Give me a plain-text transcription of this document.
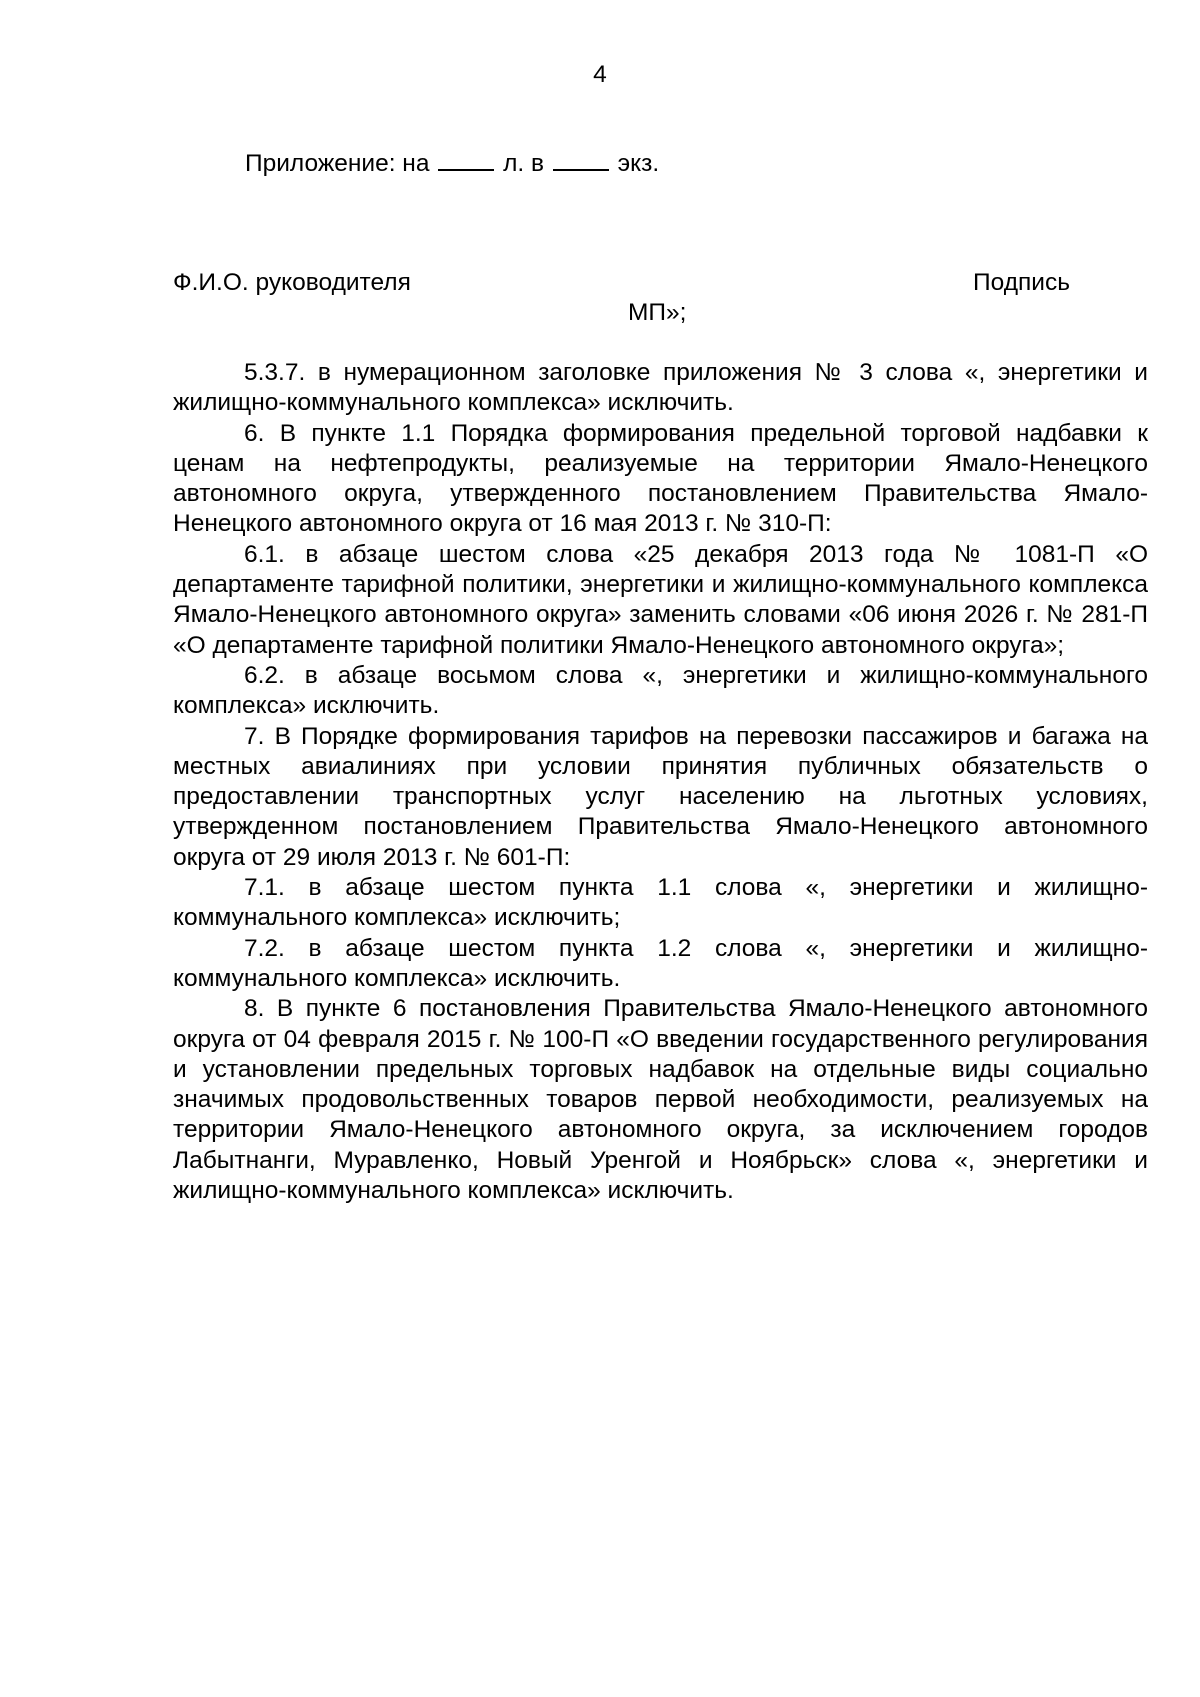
4
Приложение: на	л. в	экз.
Ф.И.О. руководителя	Подпись
МП»;

5.3.7. в нумерационном заголовке приложения № 3 слова «, энергетики и жилищно-коммунального комплекса» исключить.

6. В пункте 1.1 Порядка формирования предельной торговой надбавки к ценам на нефтепродукты, реализуемые на территории Ямало-Ненецкого автономного округа, утвержденного постановлением Правительства Ямало-Ненецкого автономного округа от 16 мая 2013 г. № 310-П:

6.1. в абзаце шестом слова «25 декабря 2013 года № 1081-П «О департаменте тарифной политики, энергетики и жилищно-коммунального комплекса Ямало-Ненецкого автономного округа» заменить словами «06 июня 2026 г. № 281-П «О департаменте тарифной политики Ямало-Ненецкого автономного округа»;

6.2. в абзаце восьмом слова «, энергетики и жилищно-коммунального комплекса» исключить.

7. В Порядке формирования тарифов на перевозки пассажиров и багажа на местных авиалиниях при условии принятия публичных обязательств о предоставлении транспортных услуг населению на льготных условиях, утвержденном постановлением Правительства Ямало-Ненецкого автономного округа от 29 июля 2013 г. № 601-П:

7.1. в абзаце шестом пункта 1.1 слова «, энергетики и жилищно-коммунального комплекса» исключить;

7.2. в абзаце шестом пункта 1.2 слова «, энергетики и жилищно-коммунального комплекса» исключить.

8. В пункте 6 постановления Правительства Ямало-Ненецкого автономного округа от 04 февраля 2015 г. № 100-П «О введении государственного регулирования и установлении предельных торговых надбавок на отдельные виды социально значимых продовольственных товаров первой необходимости, реализуемых на территории Ямало-Ненецкого автономного округа, за исключением городов Лабытнанги, Муравленко, Новый Уренгой и Ноябрьск» слова «, энергетики и жилищно-коммунального комплекса» исключить.
